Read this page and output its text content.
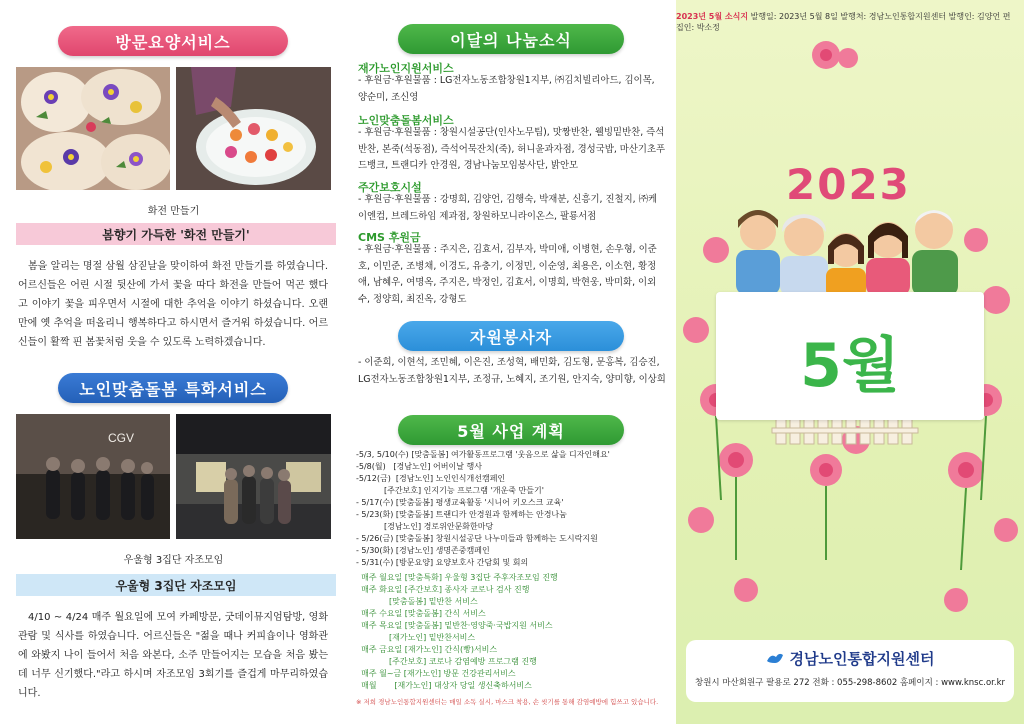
방문요양서비스
화전 만들기
봄향기 가득한 '화전 만들기'
봄을 알리는 명절 삼월 삼짇날을 맞이하여 화전 만들기를 하였습니다. 어르신들은 어린 시절 뒷산에 가서 꽃을 따다 화전을 만들어 먹곤 했다고 이야기 꽃을 피우면서 시절에 대한 추억을 이야기 하셨습니다. 오랜만에 옛 추억을 떠올리니 행복하다고 하시면서 즐거워 하셨습니다. 어르신들이 활짝 핀 봄꽃처럼 웃을 수 있도록 노력하겠습니다.
노인맞춤돌봄 특화서비스
CGV
우울형 3집단 자조모임
우울형 3집단 자조모임
4/10 ~ 4/24 매주 월요일에 모여 카페방문, 굿데이뮤지엄탐방, 영화관람 및 식사를 하였습니다. 어르신들은 "젊을 때나 커피숍이나 영화관에 와봤지 나이 들어서 처음 와본다, 소주 만들어지는 모습을 처음 봤는데 너무 신기했다."라고 하시며 자조모임 3회기를 즐겁게 마무리하였습니다.
이달의 나눔소식
재가노인지원서비스
- 후원금·후원물품 : LG전자노동조합창원1지부, ㈜김치빌리아드, 김이목, 양순미, 조신영
노인맞춤돌봄서비스
- 후원금·후원물품 : 창원시설공단(인사노무팀), 맛짱반찬, 웰빙밑반찬, 즉석반찬, 본죽(석동점), 즉석어묵잔치(죽), 허니윤과자점, 경성국밥, 마산기초푸드뱅크, 트랜디카 안경원, 경남나눔모임봉사단, 밝안모
주간보호시설
- 후원금·후원물품 : 강명희, 김양언, 김행숙, 박재분, 신흥기, 진철지, ㈜케이엔컴, 브레드하임 제과점, 창원하모니라이온스, 팔룡서점
CMS 후원금
- 후원금·후원물품 : 주지은, 김효서, 김부자, 박미애, 이병현, 손우형, 이준호, 이민준, 조병채, 이경도, 유충기, 이정민, 이순영, 최용은, 이소현, 황정애, 남혜우, 여명옥, 주지은, 박정인, 김효서, 이명희, 박현웅, 박미화, 이외수, 정양희, 최진옥, 강형도
자원봉사자
- 이준희, 이현석, 조민혜, 이은진, 조성혁, 배민화, 김도형, 문홍복, 김승진, LG전자노동조합창원1지부, 조정규, 노혜지, 조기원, 안지숙, 양미향, 이상희
5월 사업 계획
-5/3, 5/10(수) [맞춤돌봄] 여가활동프로그램 '웃음으로 삶을 디자인해요'
-5/8(월)   [경남노인] 어버이날 행사
-5/12(금)  [경남노인] 노인인식개선캠페인
[주간보호] 인지기능 프로그램 '개운죽 만들기'
- 5/17(수) [맞춤돌봄] 평생교육활동 '시니어 키오스크 교육'
- 5/23(화) [맞춤돌봄] 트랜디카 안경원과 함께하는 안경나눔
[경남노인] 경로위안문화한마당
- 5/26(금) [맞춤돌봄] 창원시설공단 나누미들과 함께하는 도시락지원
- 5/30(화) [경남노인] 생명존중캠페인
- 5/31(수) [방문요양] 요양보호사 간담회 및 회의
매주 월요일 [맞춤특화] 우울형 3집단 주후자조모임 진행
매주 화요일 [주간보호] 종사자 코로나 검사 진행
[맞춤돌봄] 밑반찬 서비스
매주 수요일 [맞춤돌봄] 간식 서비스
매주 목요일 [맞춤돌봄] 밑반찬·영양죽·국밥지원 서비스
[재가노인] 밑반찬서비스
매주 금요일 [재가노인] 간식(빵)서비스
[주간보호] 코로나 감염예방 프로그램 진행
매주 월~금 [재가노인] 방문 건강관리서비스
매월       [재가노인] 대상자 당일 생신축하서비스
※ 저희 경남노인통합지원센터는 매일 소독 실시, 마스크 착용, 손 씻기를 통해 감염예방에 힘쓰고 있습니다.
2023년 5월 소식지 발행일: 2023년 5월 8일 발행처: 경남노인통합지원센터 발행인: 김양언 편집인: 박소정
2023
5월
경남노인통합지원센터
창원시 마산회원구 팔용로 272 전화 : 055-298-8602 홈페이지 : www.knsc.or.kr
